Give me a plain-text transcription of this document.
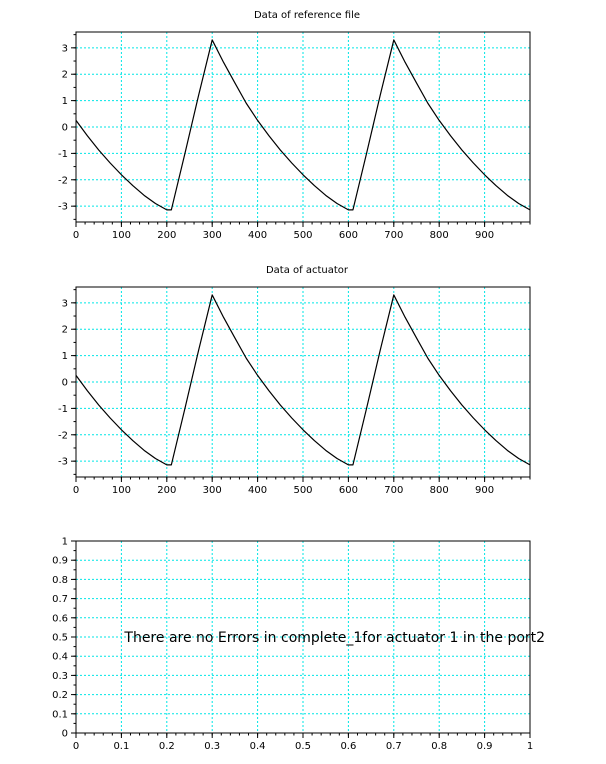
0	100	200	300	400	500	600	700	800	900
-3
-2
-1
0
1
2
3
Data of reference file
0	100	200	300	400	500	600	700	800	900
-3
-2
-1
0
1
2
3
Data of actuator
0	0.1	0.2	0.3	0.4	0.5	0.6	0.7	0.8	0.9	1
0
0.1
0.2
0.3
0.4
0.5
0.6
0.7
0.8
0.9
1
There are no Errors in complete_1for actuator 1 in the port2
